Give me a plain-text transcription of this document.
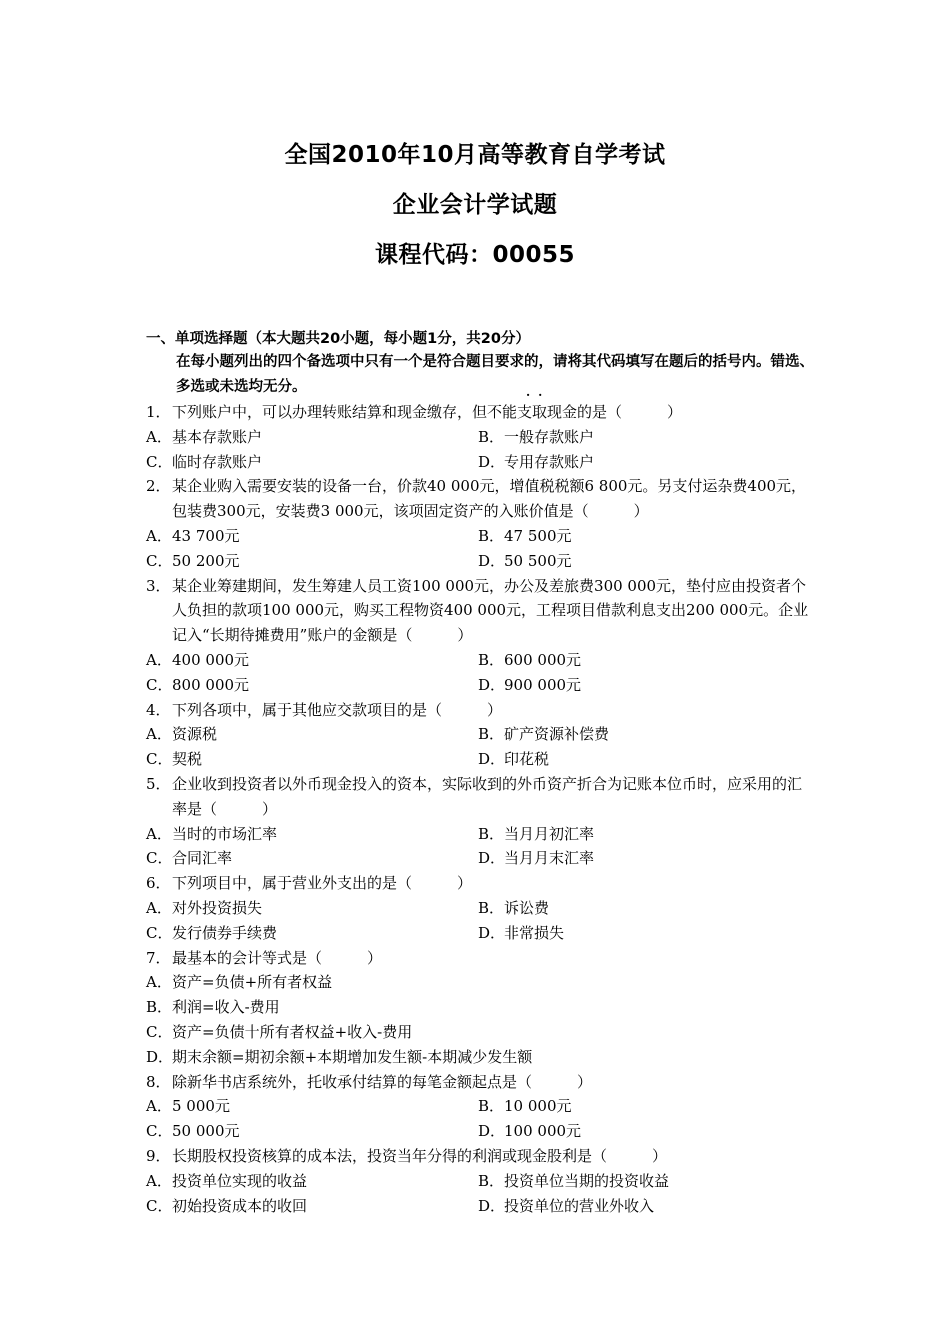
全国2010年10月高等教育自学考试
企业会计学试题
课程代码：00055
一、单项选择题（本大题共20小题，每小题1分，共20分）
在每小题列出的四个备选项中只有一个是符合题目要求的，请将其代码填写在题后的括号内。错选、多选或未选均无分。	··
1． 下列账户中，可以办理转账结算和现金缴存，但不能支取现金的是（　　　）
A．基本存款账户	B．一般存款账户
C．临时存款账户	D．专用存款账户
2． 某企业购入需要安装的设备一台，价款40 000元，增值税税额6 800元。另支付运杂费400元，包装费300元，安装费3 000元，该项固定资产的入账价值是（　　　）
A．43 700元	B．47 500元
C．50 200元	D．50 500元
3． 某企业筹建期间，发生筹建人员工资100 000元，办公及差旅费300 000元，垫付应由投资者个人负担的款项100 000元，购买工程物资400 000元，工程项目借款利息支出200 000元。企业记入“长期待摊费用”账户的金额是（　　　）
A．400 000元	B．600 000元
C．800 000元	D．900 000元
4． 下列各项中，属于其他应交款项目的是（　　　）
A．资源税	B．矿产资源补偿费
C．契税	D．印花税
5． 企业收到投资者以外币现金投入的资本，实际收到的外币资产折合为记账本位币时，应采用的汇率是（　　　）
A．当时的市场汇率	B．当月月初汇率
C．合同汇率	D．当月月末汇率
6． 下列项目中，属于营业外支出的是（　　　）
A．对外投资损失	B．诉讼费
C．发行债券手续费	D．非常损失
7． 最基本的会计等式是（　　　）
A．资产=负债+所有者权益
B．利润=收入-费用
C．资产=负债十所有者权益+收入-费用
D．期末余额=期初余额+本期增加发生额-本期减少发生额
8． 除新华书店系统外，托收承付结算的每笔金额起点是（　　　）
A．5 000元	B．10 000元
C．50 000元	D．100 000元
9． 长期股权投资核算的成本法，投资当年分得的利润或现金股利是（　　　）
A．投资单位实现的收益	B．投资单位当期的投资收益
C．初始投资成本的收回	D．投资单位的营业外收入
